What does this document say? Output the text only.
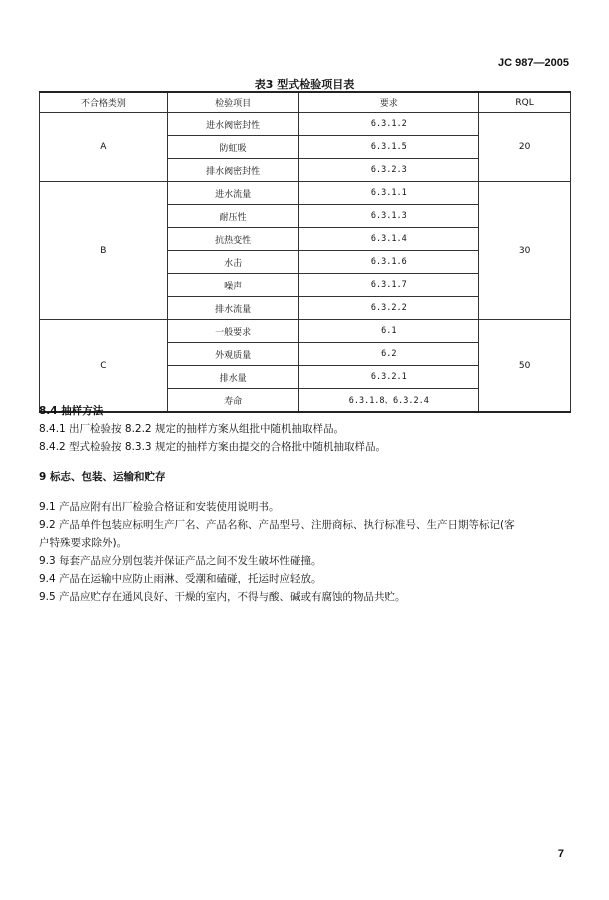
JC 987—2005
表3 型式检验项目表
不合格类别	检验项目	要求	RQL
A	进水阀密封性	6.3.1.2	20
	防虹吸	6.3.1.5	
	排水阀密封性	6.3.2.3	
B	进水流量	6.3.1.1	30
	耐压性	6.3.1.3	
	抗热变性	6.3.1.4	
	水击	6.3.1.6	
	噪声	6.3.1.7	
	排水流量	6.3.2.2	
C	一般要求	6.1	50
	外观质量	6.2	
	排水量	6.3.2.1	
	寿命	6.3.1.8、6.3.2.4	

8.4 抽样方法

8.4.1 出厂检验按 8.2.2 规定的抽样方案从组批中随机抽取样品。

8.4.2 型式检验按 8.3.3 规定的抽样方案由提交的合格批中随机抽取样品。

9 标志、包装、运输和贮存

9.1 产品应附有出厂检验合格证和安装使用说明书。

9.2 产品单件包装应标明生产厂名、产品名称、产品型号、注册商标、执行标准号、生产日期等标记(客

户特殊要求除外)。

9.3 每套产品应分别包装并保证产品之间不发生破坏性碰撞。

9.4 产品在运输中应防止雨淋、受潮和磕碰，托运时应轻放。

9.5 产品应贮存在通风良好、干燥的室内，不得与酸、碱或有腐蚀的物品共贮。

7
